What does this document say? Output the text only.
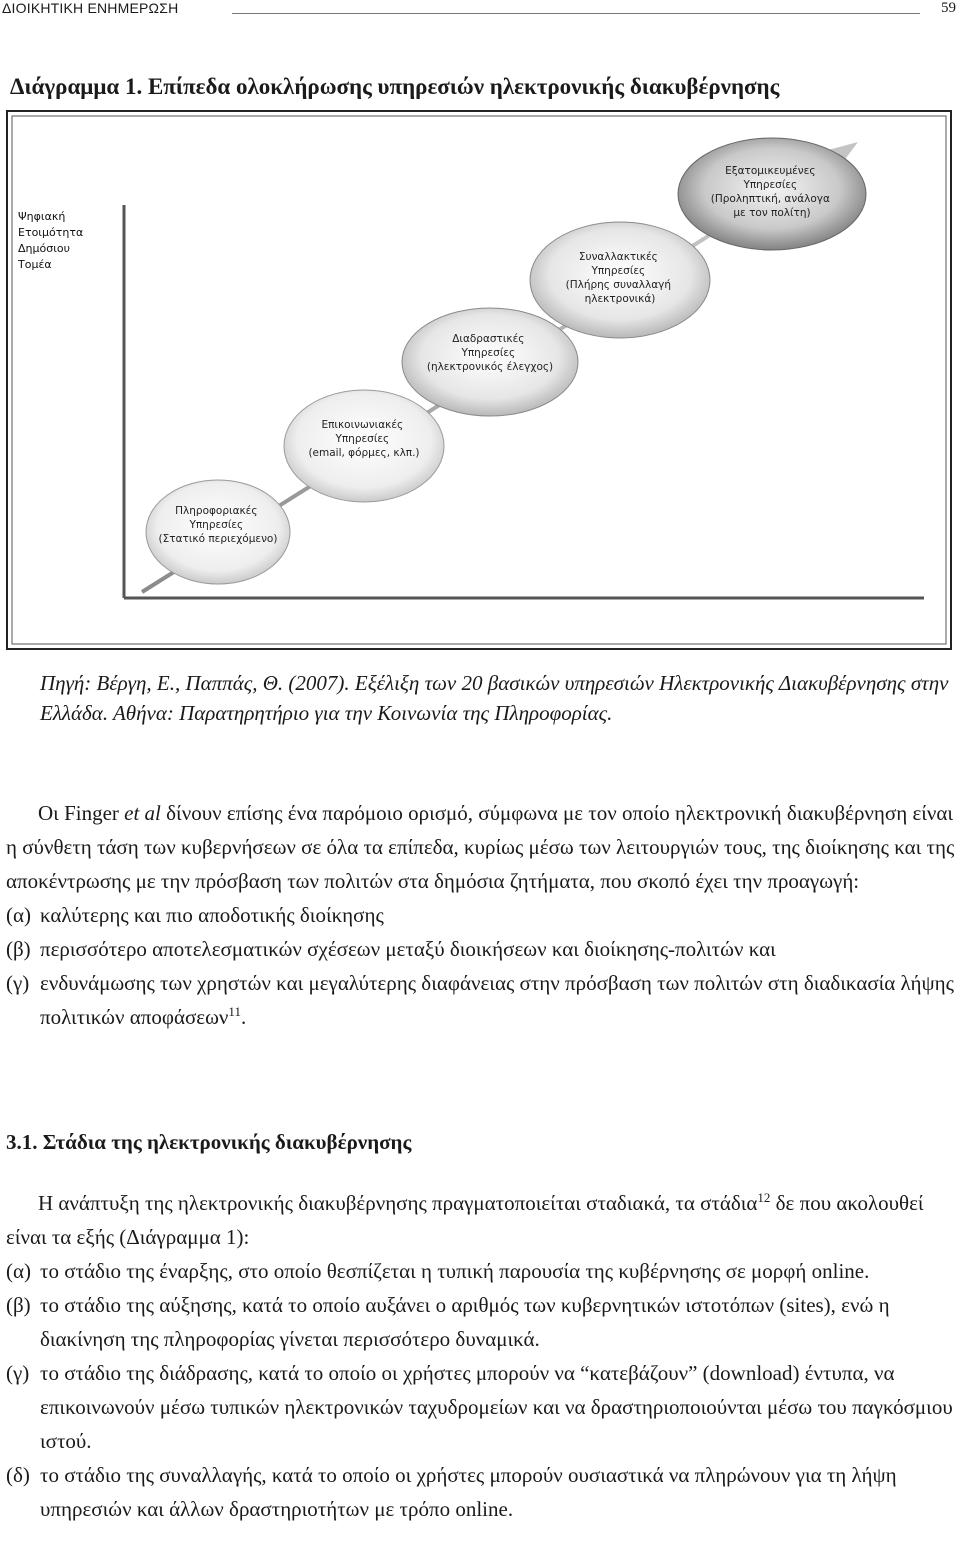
ΔΙΟΙΚΗΤΙΚΗ ΕΝΗΜΕΡΩΣΗ	59
Διάγραμμα 1. Επίπεδα ολοκλήρωσης υπηρεσιών ηλεκτρονικής διακυβέρνησης
Ψηφιακή Ετοιμότητα Δημόσιου Τομέα
Πληροφοριακές Υπηρεσίες (Στατικό περιεχόμενο)
Επικοινωνιακές Υπηρεσίες (email, φόρμες, κλπ.)
Διαδραστικές Υπηρεσίες (ηλεκτρονικός έλεγχος)
Συναλλακτικές Υπηρεσίες (Πλήρης συναλλαγή ηλεκτρονικά)
Εξατομικευμένες Υπηρεσίες (Προληπτική, ανάλογα με τον πολίτη)
Πηγή: Βέργη, Ε., Παππάς, Θ. (2007). Εξέλιξη των 20 βασικών υπηρεσιών Ηλεκτρονικής Διακυβέρνησης στην Ελλάδα. Αθήνα: Παρατηρητήριο για την Κοινωνία της Πληροφορίας.
Οι Finger et al δίνουν επίσης ένα παρόμοιο ορισμό, σύμφωνα με τον οποίο ηλεκτρονική διακυβέρνηση είναι η σύνθετη τάση των κυβερνήσεων σε όλα τα επίπεδα, κυρίως μέσω των λειτουργιών τους, της διοίκησης και της αποκέντρωσης με την πρόσβαση των πολιτών στα δημόσια ζητήματα, που σκοπό έχει την προαγωγή:
(α) καλύτερης και πιο αποδοτικής διοίκησης
(β) περισσότερο αποτελεσματικών σχέσεων μεταξύ διοικήσεων και διοίκησης-πολιτών και
(γ) ενδυνάμωσης των χρηστών και μεγαλύτερης διαφάνειας στην πρόσβαση των πολιτών στη διαδικασία λήψης πολιτικών αποφάσεων$^{11}$.
3.1. Στάδια της ηλεκτρονικής διακυβέρνησης
Η ανάπτυξη της ηλεκτρονικής διακυβέρνησης πραγματοποιείται σταδιακά, τα στάδια$^{12}$ δε που ακολουθεί είναι τα εξής (Διάγραμμα 1):
(α) το στάδιο της έναρξης, στο οποίο θεσπίζεται η τυπική παρουσία της κυβέρνησης σε μορφή online.
(β) το στάδιο της αύξησης, κατά το οποίο αυξάνει ο αριθμός των κυβερνητικών ιστοτόπων (sites), ενώ η διακίνηση της πληροφορίας γίνεται περισσότερο δυναμικά.
(γ) το στάδιο της διάδρασης, κατά το οποίο οι χρήστες μπορούν να “κατεβάζουν” (download) έντυπα, να επικοινωνούν μέσω τυπικών ηλεκτρονικών ταχυδρομείων και να δραστηριοποιούνται μέσω του παγκόσμιου ιστού.
(δ) το στάδιο της συναλλαγής, κατά το οποίο οι χρήστες μπορούν ουσιαστικά να πληρώνουν για τη λήψη υπηρεσιών και άλλων δραστηριοτήτων με τρόπο online.
